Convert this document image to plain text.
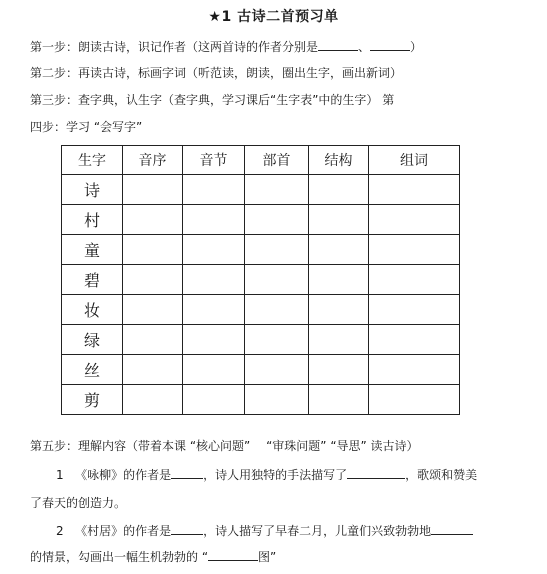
★1 古诗二首预习单
第一步：朗读古诗，识记作者（这两首诗的作者分别是	、	）
第二步：再读古诗，标画字词（听范读，朗读，圈出生字，画出新词）
第三步：查字典，认生字（查字典，学习课后“生字表”中的生字） 第
四步：学习 “会写字”
生字	音序	音节	部首	结构	组词
诗					
村					
童					
碧					
妆					
绿					
丝					
剪					
第五步：理解内容（带着本课 “核心问题”　 “审珠问题” “导思” 读古诗）
1 《咏柳》的作者是	，诗人用独特的手法描写了	，歌颂和赞美
了春天的创造力。
2 《村居》的作者是	，诗人描写了早春二月，儿童们兴致勃勃地
的情景，勾画出一幅生机勃勃的 “	图”
